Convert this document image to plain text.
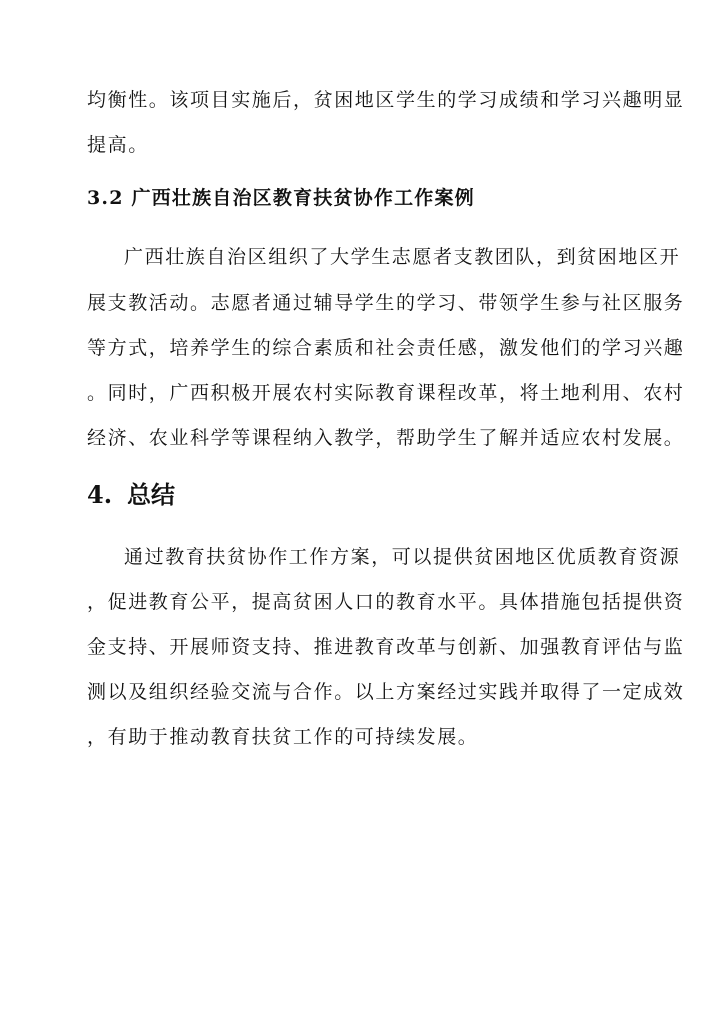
均衡性。该项目实施后，贫困地区学生的学习成绩和学习兴趣明显
提高。
3.2 广西壮族自治区教育扶贫协作工作案例
广西壮族自治区组织了大学生志愿者支教团队，到贫困地区开
展支教活动。志愿者通过辅导学生的学习、带领学生参与社区服务
等方式，培养学生的综合素质和社会责任感，激发他们的学习兴趣
。同时，广西积极开展农村实际教育课程改革，将土地利用、农村
经济、农业科学等课程纳入教学，帮助学生了解并适应农村发展。
4. 总结
通过教育扶贫协作工作方案，可以提供贫困地区优质教育资源
，促进教育公平，提高贫困人口的教育水平。具体措施包括提供资
金支持、开展师资支持、推进教育改革与创新、加强教育评估与监
测以及组织经验交流与合作。以上方案经过实践并取得了一定成效
，有助于推动教育扶贫工作的可持续发展。
